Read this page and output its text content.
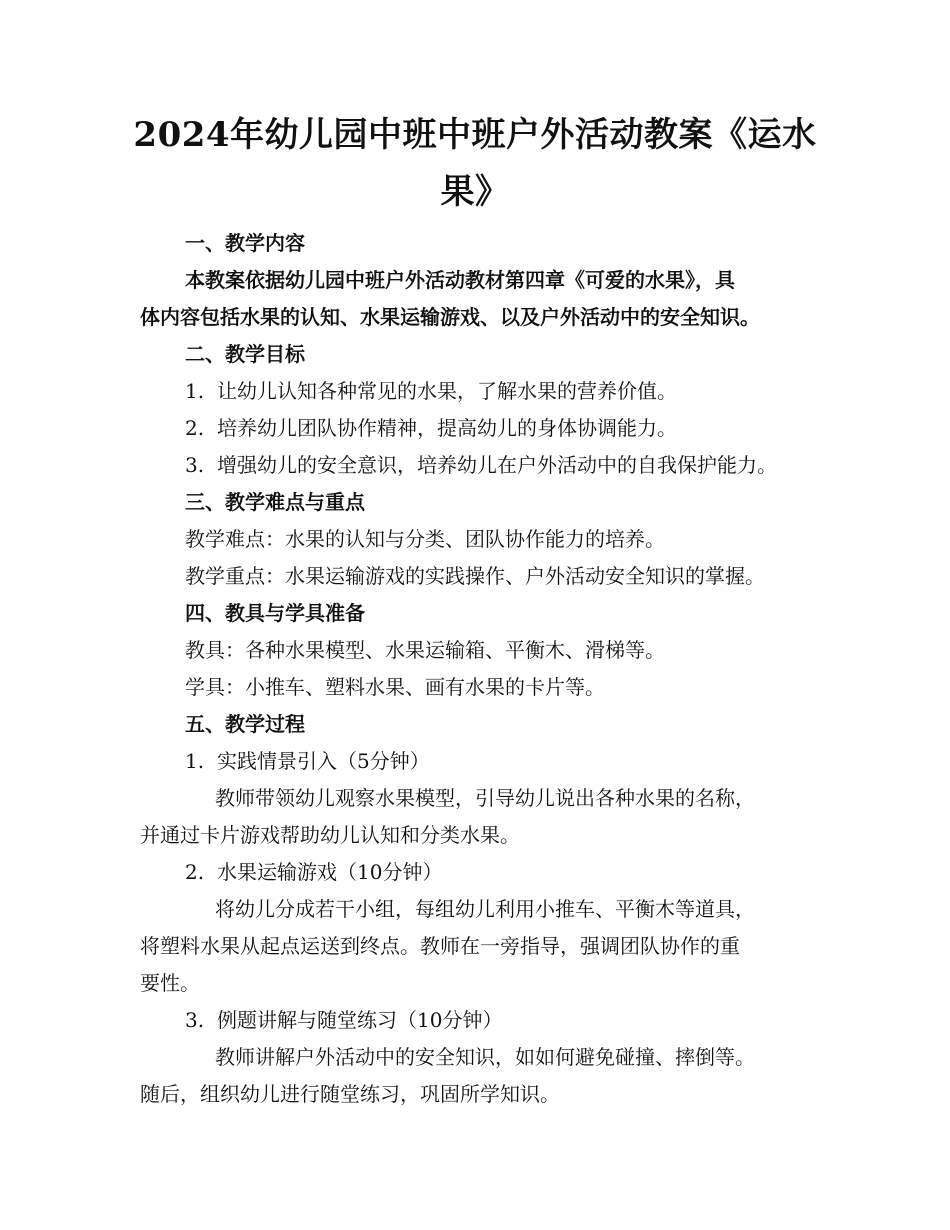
2024年幼儿园中班中班户外活动教案《运水
果》
一、教学内容
本教案依据幼儿园中班户外活动教材第四章《可爱的水果》，具
体内容包括水果的认知、水果运输游戏、以及户外活动中的安全知识。
二、教学目标
1. 让幼儿认知各种常见的水果，了解水果的营养价值。
2. 培养幼儿团队协作精神，提高幼儿的身体协调能力。
3. 增强幼儿的安全意识，培养幼儿在户外活动中的自我保护能力。
三、教学难点与重点
教学难点：水果的认知与分类、团队协作能力的培养。
教学重点：水果运输游戏的实践操作、户外活动安全知识的掌握。
四、教具与学具准备
教具：各种水果模型、水果运输箱、平衡木、滑梯等。
学具：小推车、塑料水果、画有水果的卡片等。
五、教学过程
1. 实践情景引入（5分钟）
教师带领幼儿观察水果模型，引导幼儿说出各种水果的名称，
并通过卡片游戏帮助幼儿认知和分类水果。
2. 水果运输游戏（10分钟）
将幼儿分成若干小组，每组幼儿利用小推车、平衡木等道具，
将塑料水果从起点运送到终点。教师在一旁指导，强调团队协作的重
要性。
3. 例题讲解与随堂练习（10分钟）
教师讲解户外活动中的安全知识，如如何避免碰撞、摔倒等。
随后，组织幼儿进行随堂练习，巩固所学知识。
